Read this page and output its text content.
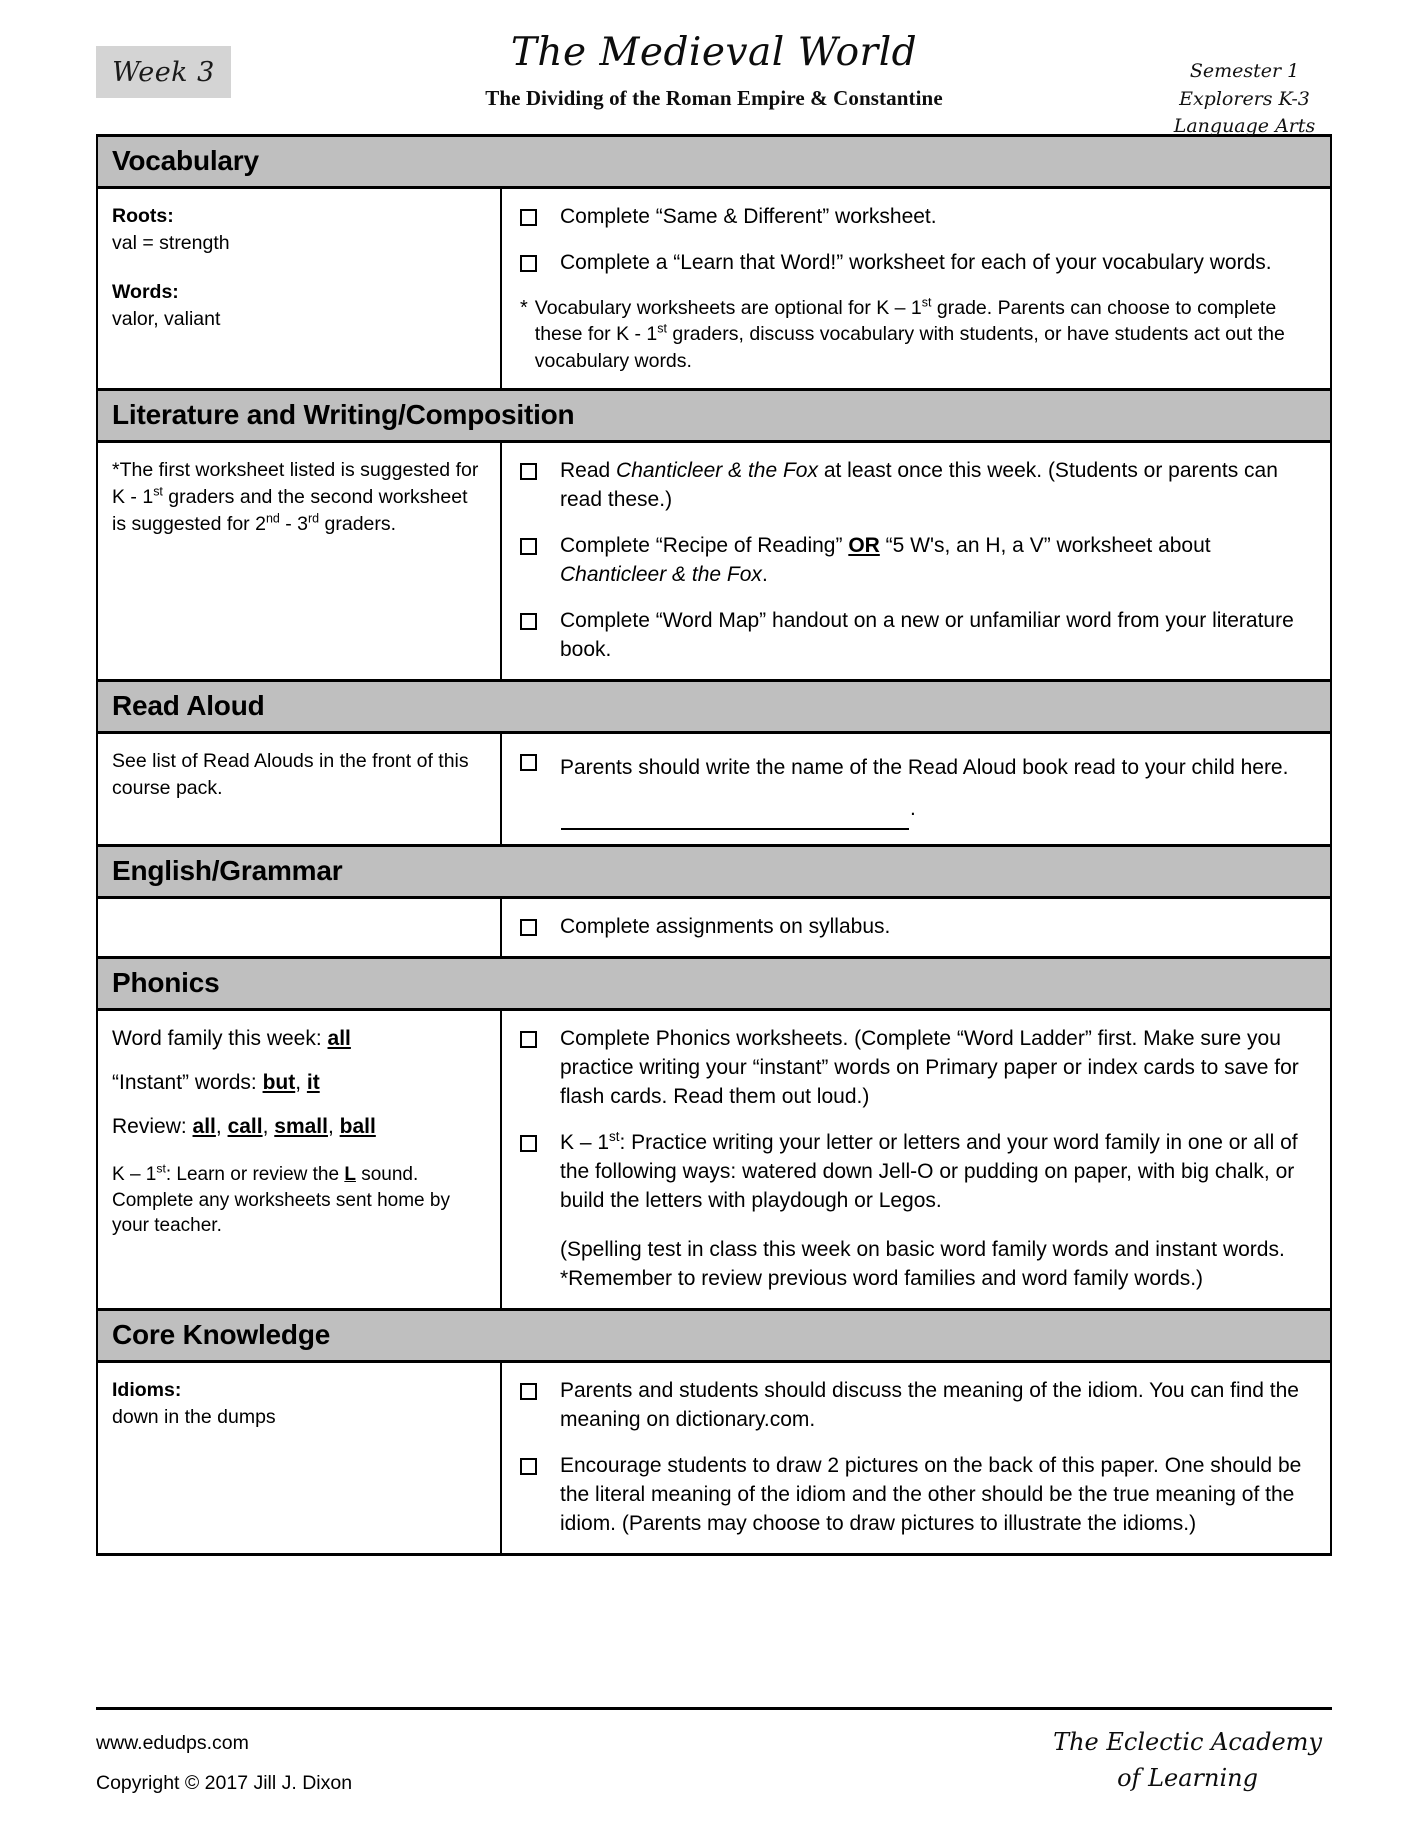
Week 3	The Medieval World
The Dividing of the Roman Empire & Constantine
Semester 1
Explorers K-3
Language Arts
Vocabulary
Roots:
val = strength
Words:
valor, valiant
Complete “Same & Different” worksheet.
Complete a “Learn that Word!” worksheet for each of your vocabulary words.
* Vocabulary worksheets are optional for K – 1st grade. Parents can choose to complete these for K - 1st graders, discuss vocabulary with students, or have students act out the vocabulary words.
Literature and Writing/Composition
*The first worksheet listed is suggested for K - 1st graders and the second worksheet is suggested for 2nd - 3rd graders.
Read Chanticleer & the Fox at least once this week. (Students or parents can read these.)
Complete “Recipe of Reading” OR “5 W's, an H, a V” worksheet about Chanticleer & the Fox.
Complete “Word Map” handout on a new or unfamiliar word from your literature book.
Read Aloud
See list of Read Alouds in the front of this course pack.
Parents should write the name of the Read Aloud book read to your child here..
English/Grammar
Complete assignments on syllabus.
Phonics
Word family this week: all
“Instant” words: but, it
Review: all, call, small, ball
K – 1st: Learn or review the L sound. Complete any worksheets sent home by your teacher.
Complete Phonics worksheets. (Complete “Word Ladder” first. Make sure you practice writing your “instant” words on Primary paper or index cards to save for flash cards. Read them out loud.)
K – 1st: Practice writing your letter or letters and your word family in one or all of the following ways: watered down Jell-O or pudding on paper, with big chalk, or build the letters with playdough or Legos.
(Spelling test in class this week on basic word family words and instant words. *Remember to review previous word families and word family words.)
Core Knowledge
Idioms:
down in the dumps
Parents and students should discuss the meaning of the idiom. You can find the meaning on dictionary.com.
Encourage students to draw 2 pictures on the back of this paper. One should be the literal meaning of the idiom and the other should be the true meaning of the idiom. (Parents may choose to draw pictures to illustrate the idioms.)
www.edudps.com
Copyright © 2017 Jill J. Dixon
The Eclectic Academy
of Learning
